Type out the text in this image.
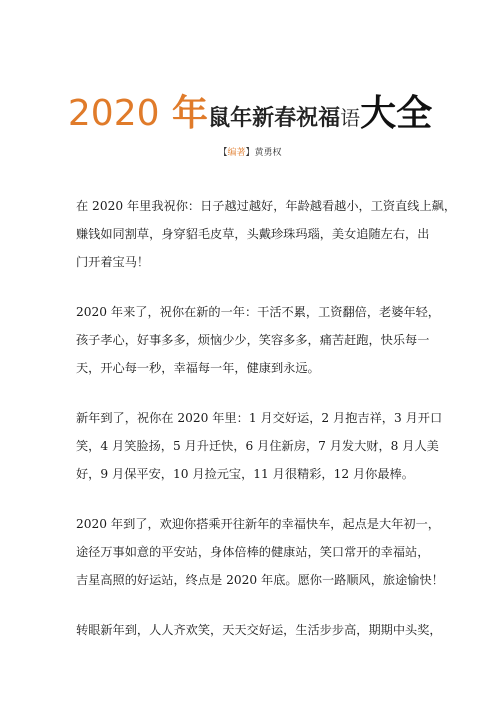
2020 年鼠年新春祝福语大全
【编著】黄勇权

在 2020 年里我祝你：日子越过越好，年龄越看越小，工资直线上飙，
赚钱如同割草，身穿貂毛皮草，头戴珍珠玛瑙，美女追随左右，出
门开着宝马！

2020 年来了，祝你在新的一年：干活不累，工资翻倍，老婆年轻，
孩子孝心，好事多多，烦恼少少，笑容多多，痛苦赶跑，快乐每一
天，开心每一秒，幸福每一年，健康到永远。

新年到了，祝你在 2020 年里：1 月交好运，2 月抱吉祥，3 月开口
笑，4 月笑脸扬，5 月升迁快，6 月住新房，7 月发大财，8 月人美
好，9 月保平安，10 月捡元宝，11 月很精彩，12 月你最棒。

2020 年到了，欢迎你搭乘开往新年的幸福快车，起点是大年初一，
途径万事如意的平安站，身体倍棒的健康站，笑口常开的幸福站，
吉星高照的好运站，终点是 2020 年底。愿你一路顺风，旅途愉快！

转眼新年到，人人齐欢笑，天天交好运，生活步步高，期期中头奖，
